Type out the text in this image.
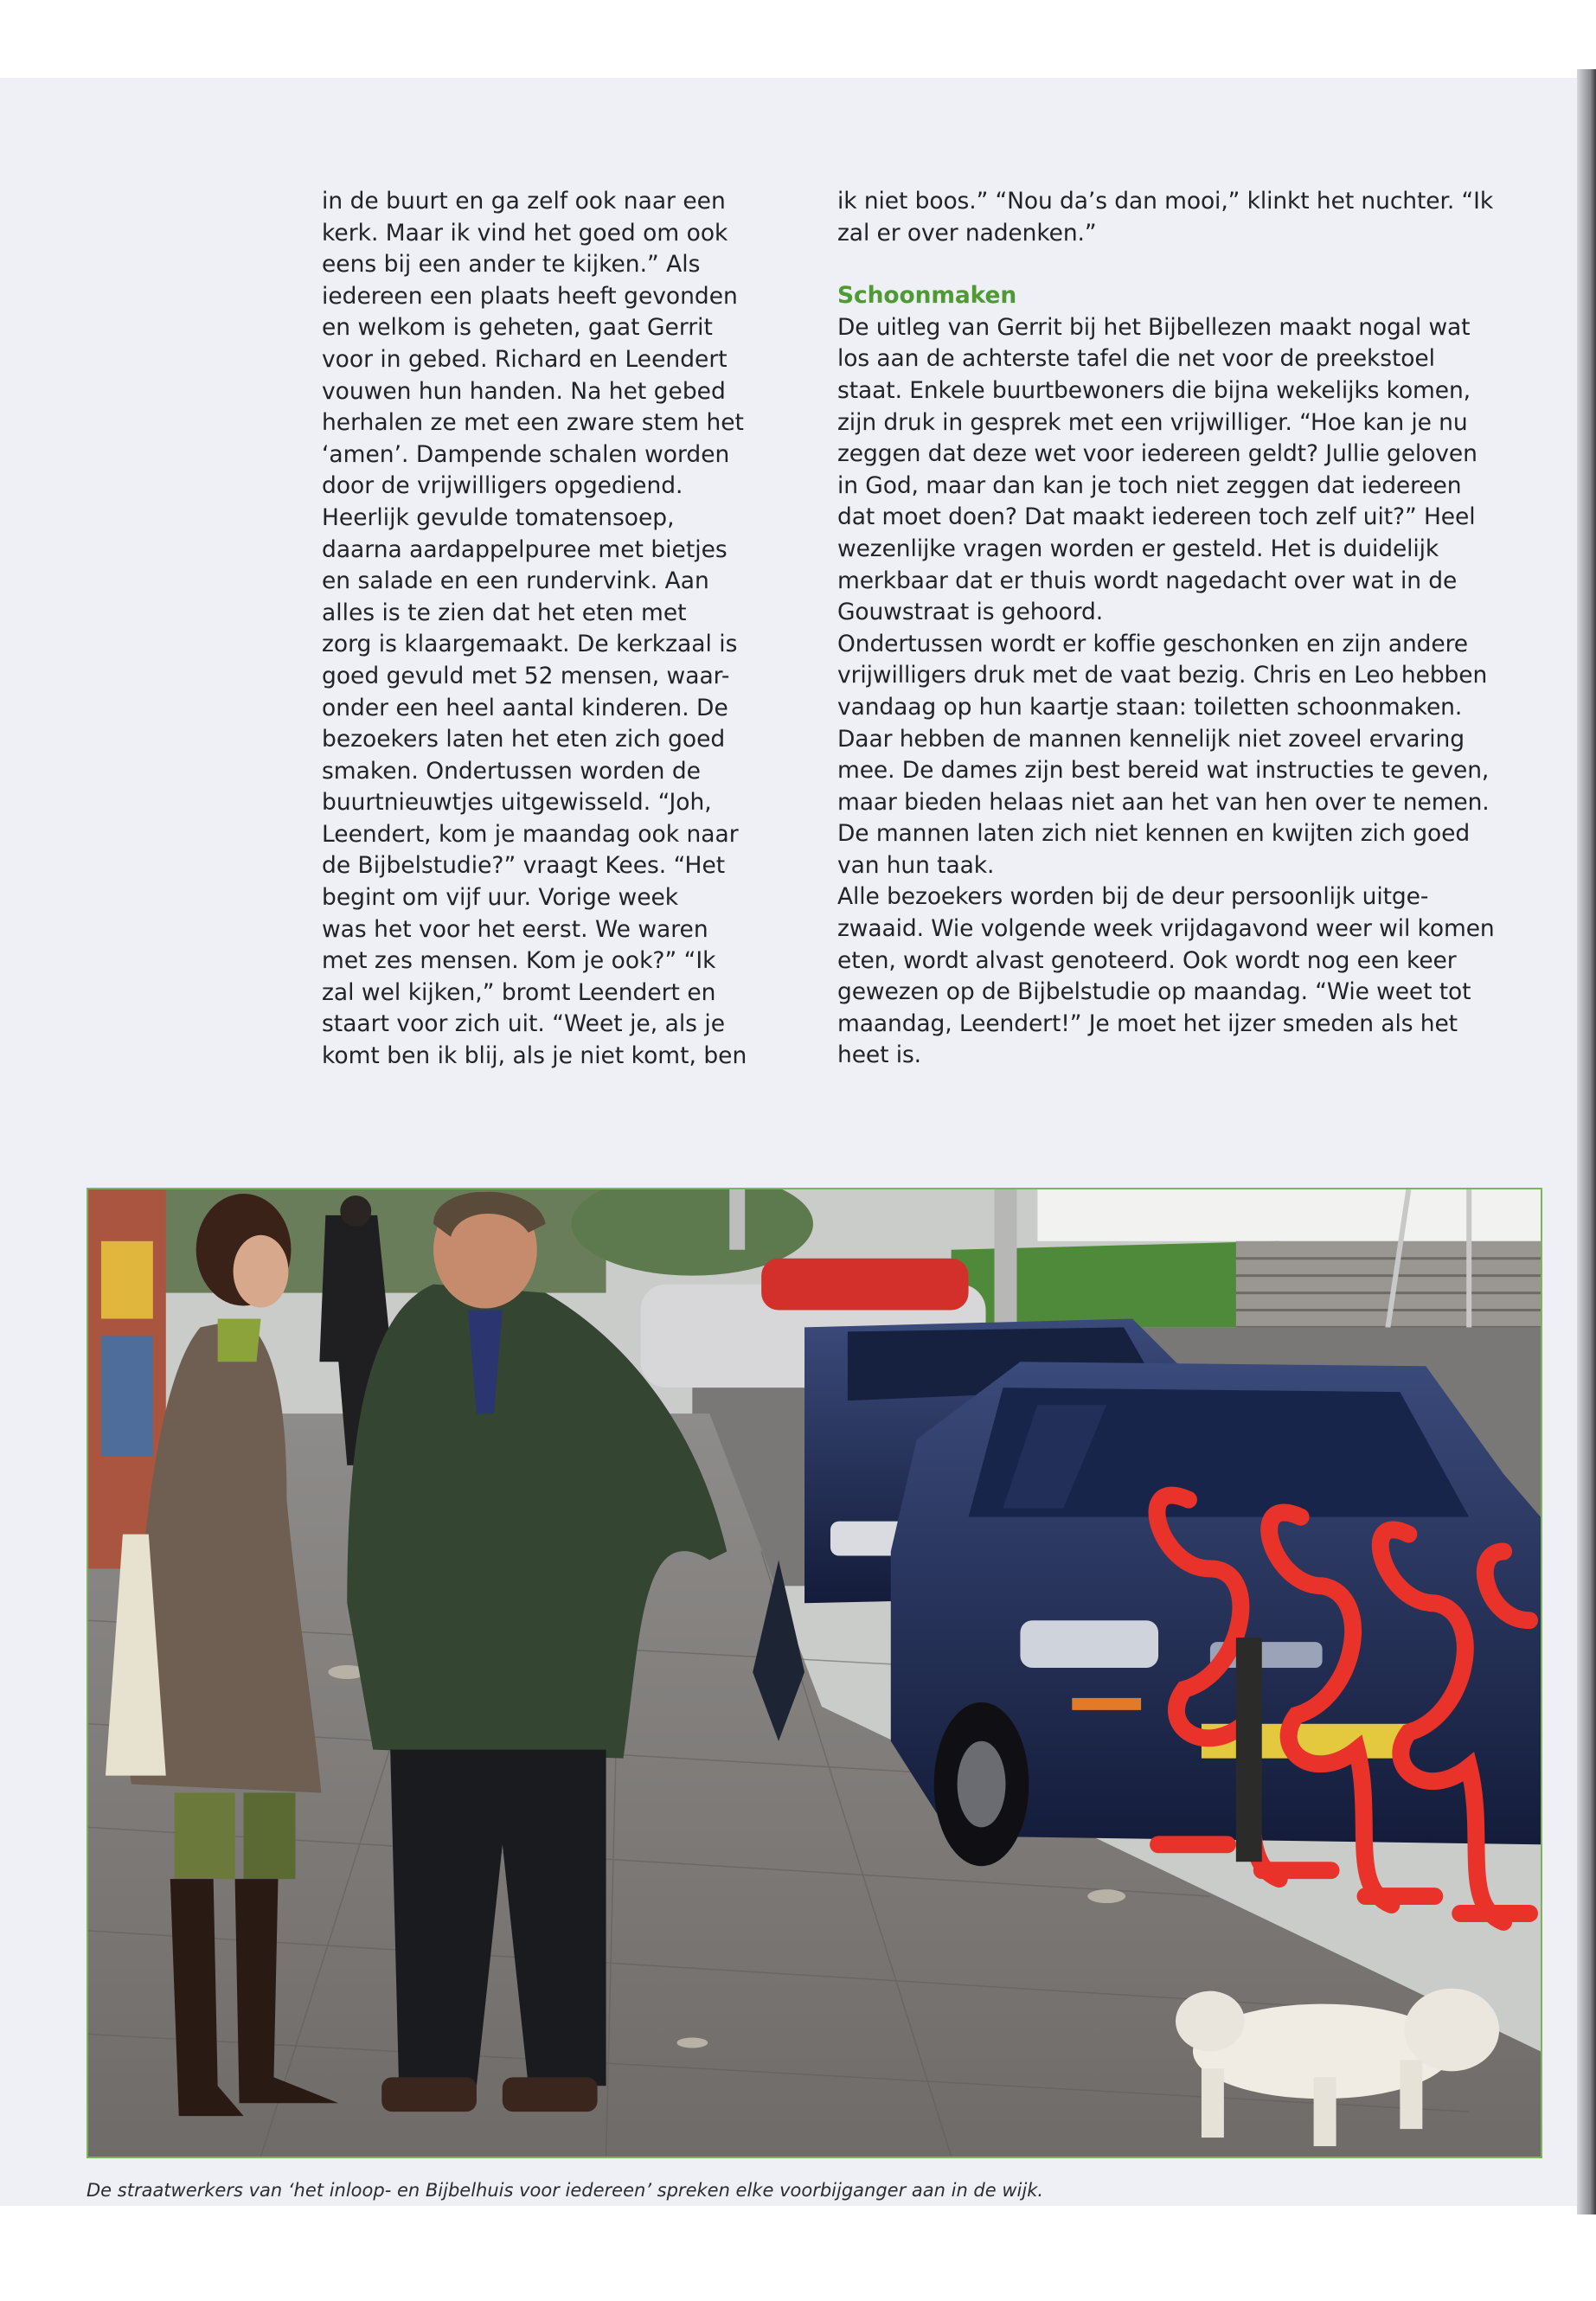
in de buurt en ga zelf ook naar een

kerk. Maar ik vind het goed om ook

eens bij een ander te kijken.” Als

iedereen een plaats heeft gevonden

en welkom is geheten, gaat Gerrit

voor in gebed. Richard en Leendert

vouwen hun handen. Na het gebed

herhalen ze met een zware stem het

‘amen’. Dampende schalen worden

door de vrijwilligers opgediend.

Heerlijk gevulde tomatensoep,

daarna aardappelpuree met bietjes

en salade en een rundervink. Aan

alles is te zien dat het eten met

zorg is klaargemaakt. De kerkzaal is

goed gevuld met 52 mensen, waar-

onder een heel aantal kinderen. De

bezoekers laten het eten zich goed

smaken. Ondertussen worden de

buurtnieuwtjes uitgewisseld. “Joh,

Leendert, kom je maandag ook naar

de Bijbelstudie?” vraagt Kees. “Het

begint om vijf uur. Vorige week

was het voor het eerst. We waren

met zes mensen. Kom je ook?” “Ik

zal wel kijken,” bromt Leendert en

staart voor zich uit. “Weet je, als je

komt ben ik blij, als je niet komt, ben

ik niet boos.” “Nou da’s dan mooi,” klinkt het nuchter. “Ik

zal er over nadenken.”

Schoonmaken

De uitleg van Gerrit bij het Bijbellezen maakt nogal wat

los aan de achterste tafel die net voor de preekstoel

staat. Enkele buurtbewoners die bijna wekelijks komen,

zijn druk in gesprek met een vrijwilliger. “Hoe kan je nu

zeggen dat deze wet voor iedereen geldt? Jullie geloven

in God, maar dan kan je toch niet zeggen dat iedereen

dat moet doen? Dat maakt iedereen toch zelf uit?” Heel

wezenlijke vragen worden er gesteld. Het is duidelijk

merkbaar dat er thuis wordt nagedacht over wat in de

Gouwstraat is gehoord.

Ondertussen wordt er koffie geschonken en zijn andere

vrijwilligers druk met de vaat bezig. Chris en Leo hebben

vandaag op hun kaartje staan: toiletten schoonmaken.

Daar hebben de mannen kennelijk niet zoveel ervaring

mee. De dames zijn best bereid wat instructies te geven,

maar bieden helaas niet aan het van hen over te nemen.

De mannen laten zich niet kennen en kwijten zich goed

van hun taak.

Alle bezoekers worden bij de deur persoonlijk uitge-

zwaaid. Wie volgende week vrijdagavond weer wil komen

eten, wordt alvast genoteerd. Ook wordt nog een keer

gewezen op de Bijbelstudie op maandag. “Wie weet tot

maandag, Leendert!” Je moet het ijzer smeden als het

heet is.

De straatwerkers van ‘het inloop- en Bijbelhuis voor iedereen’ spreken elke voorbijganger aan in de wijk.
